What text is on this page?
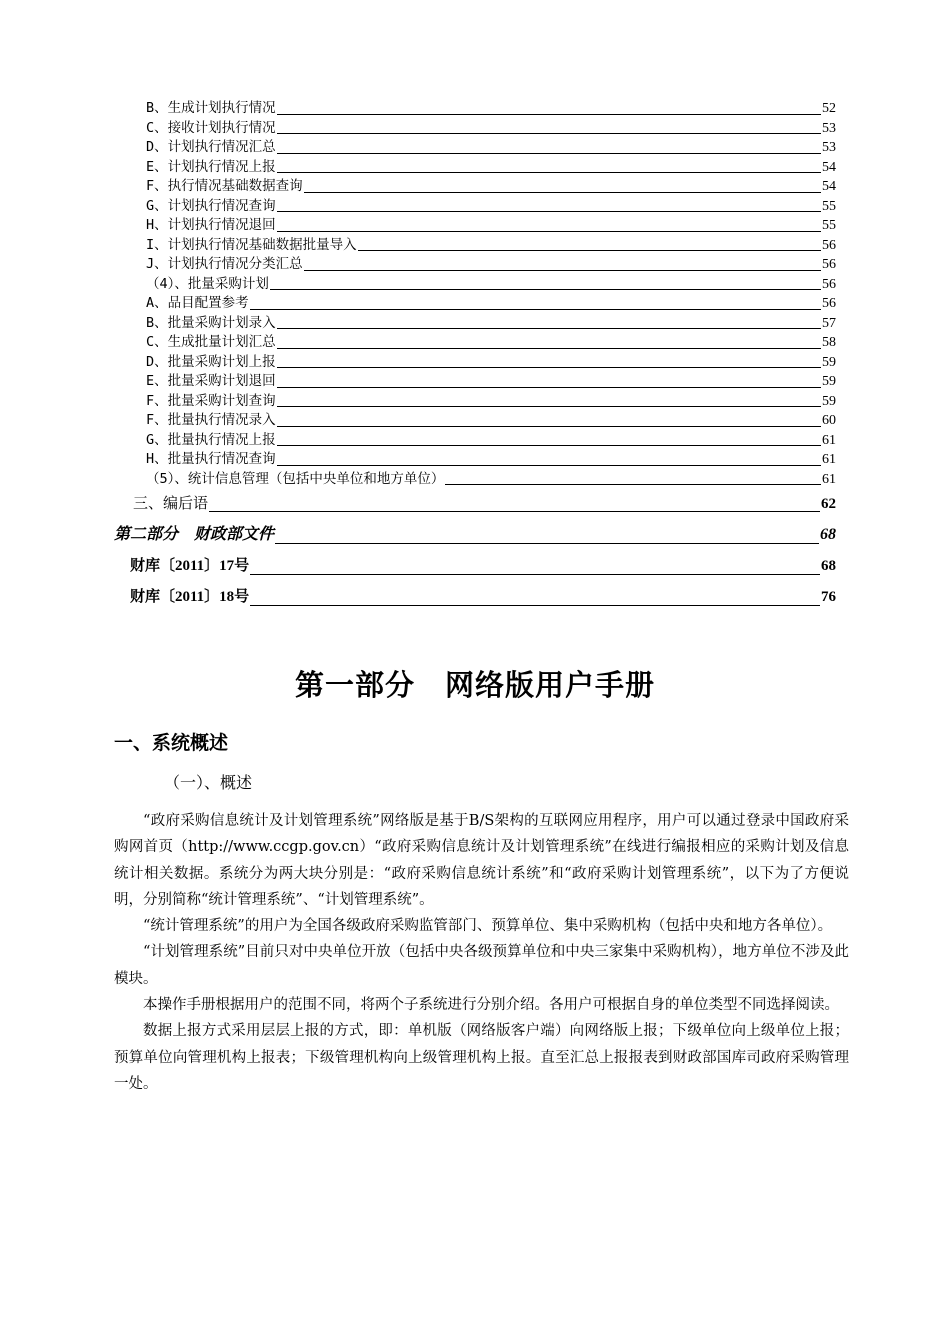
B、生成计划执行情况	52
C、接收计划执行情况	53
D、计划执行情况汇总	53
E、计划执行情况上报	54
F、执行情况基础数据查询	54
G、计划执行情况查询	55
H、计划执行情况退回	55
I、计划执行情况基础数据批量导入	56
J、计划执行情况分类汇总	56
（4）、批量采购计划	56
A、品目配置参考	56
B、批量采购计划录入	57
C、生成批量计划汇总	58
D、批量采购计划上报	59
E、批量采购计划退回	59
F、批量采购计划查询	59
F、批量执行情况录入	60
G、批量执行情况上报	61
H、批量执行情况查询	61
（5）、统计信息管理（包括中央单位和地方单位）	61
三、编后语	62
第二部分　财政部文件	68
财库〔2011〕17号	68
财库〔2011〕18号	76
第一部分　网络版用户手册
一、系统概述
（一）、概述

“政府采购信息统计及计划管理系统”网络版是基于B/S架构的互联网应用程序，用户可以通过登录中国政府采购网首页（http://www.ccgp.gov.cn）“政府采购信息统计及计划管理系统”在线进行编报相应的采购计划及信息统计相关数据。系统分为两大块分别是：“政府采购信息统计系统”和“政府采购计划管理系统”，以下为了方便说明，分别简称“统计管理系统”、“计划管理系统”。

“统计管理系统”的用户为全国各级政府采购监管部门、预算单位、集中采购机构（包括中央和地方各单位）。

“计划管理系统”目前只对中央单位开放（包括中央各级预算单位和中央三家集中采购机构），地方单位不涉及此模块。

本操作手册根据用户的范围不同，将两个子系统进行分别介绍。各用户可根据自身的单位类型不同选择阅读。

数据上报方式采用层层上报的方式，即：单机版（网络版客户端）向网络版上报；下级单位向上级单位上报；预算单位向管理机构上报表；下级管理机构向上级管理机构上报。直至汇总上报报表到财政部国库司政府采购管理一处。
